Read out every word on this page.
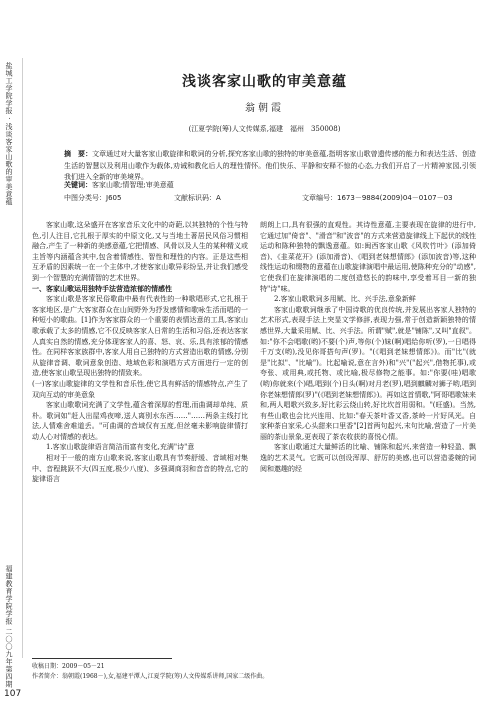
盐城工学院学报 · 浅谈客家山歌的审美意蕴
福建教育学院学报 二〇〇九年第四期
浅谈客家山歌的审美意蕴
翁朝霞
(江夏学院(筹)人文传媒系,福建　福州　350008)
摘　要：文章通过对大量客家山歌旋律和歌词的分析,探究客家山歌的独特的审美意蕴,指明客家山歌曾遗传感的能力和表达生活、创造生活的智慧以及利用山歌作为载体,劝诫和教化后人的理性情怀。他们快乐、平静和安释不惊的心态,力我们开启了一片精神家园,引领我们进入全新的审美境界。
关键词：客家山歌;情智理;审美意蕴
中图分类号：J605	文献标识码：A	文章编号：1673－9884(2009)04－0107－03

客家山歌,这朵盛开在客家音乐文化中的奇葩,以其独特的个性与特色,引人注目,它扎根于厚实的中原文化,又与当地土著居民风俗习惯相融合,产生了一种新的美感意蕴,它把情感、风骨以及人生的某种精义或主旨等内涵蕴含其中,包含着情感性、智性和理性的内容。正是这些相互矛盾的因素统一在一个主体中,才使客家山歌异彩纷呈,并让我们感受到一个智慧的充满情智的艺术世界。

一、客家山歌运用独特手法营造浓郁的情感性

客家山歌是客家民俗歌曲中最有代表性的一种歌唱形式,它扎根于客家地区,是广大客家群众在山间野外为抒发感情和歌咏生活而唱的一种短小的歌曲。[1]作为客家群众的一个重要的表情达意的工具,客家山歌承载了太多的情感,它不仅反映客家人日常的生活和习俗,还表达客家人真实自然的情感,充分体现客家人的喜、怒、哀、乐,具有浓郁的情感性。在同样客家族群中,客家人用自己独特的方式营造出歌的情感,分别从旋律音调、歌词意象创造、地域色彩和演唱方式方面进行一定的创造,使客家山歌呈现出独特的情致来。

(一)客家山歌旋律的文学性和音乐性,使它具有鲜活的情感特点,产生了双向互动的审美意象

客家山歌歌词充满了文学性,蕴含着深厚的哲理,而曲调却单纯、质朴。歌词如"赶人出屋鸡夜啼,送人离别水东西……"……两条主线打比法,人情难舍难道丢。"可曲调的音域仅有五度,但丝毫未影响旋律情打动人心对情感的表达。

1.客家山歌旋律语言简洁而富有变化,充满"诗"意

相对于一般的南方山歌来说,客家山歌具有节奏舒缓、音域相对集中、音程跳跃不大(四五度,极少八度)、多强调商羽和音音的特点,它的旋律语言

朗朗上口,具有很强的直观性。其诗性意蕴,主要表现在旋律的进行中,它通过加"倚音"、"滑音"和"波音"的方式来营造旋律线上下起伏的线性运动和陈种独特的飘逸意蕴。如:闽西客家山歌《风吹竹叶》(添加倚音)、《韭菜花开》(添加滑音)、《唱到老妹想情郎》(添加波音)等,这种线性运动和缀物的意蕴在山歌旋律演唱中最运用,使陈种充分的"动感",它使我们在旋律演唱的二度创造悠长的韵味中,享受着耳目一新的独特"诗"味。

2.客家山歌歌词多用赋、比、兴手法,意象新鲜

客家山歌歌词继承了中国诗歌的优良传统,并发展出客家人独特的艺术形式,表现手法上突显文学修辞,表现力强,常于创造新颖独特的情感世界,大量采用赋、比、兴手法。所谓"赋",就是"铺陈",又叫"直叙"。如:"你不会唱歌(哟)不要(个)声,等你(个)妹(啊)唱给你听(罗),一日唱得千万支(哟),没见你哥搭句声(罗)。"(《唱到老妹想情郎》)。而"比"(就是"比拟"、"比喻")。比起喻说,意在言外)和"兴"("起兴",借物托事),或夸张、或用典,或托物、或比喻,极尽修物之能事。如:"你要(哇)唱歌(哟)你就来(个)唱,唱到(个)日头(啊)对月老(罗),唱到麒麟对狮子哟,唱到你老妹想情郎(罗)"(《唱到老妹想情郎》)。再如这首情歌,"阿哥唱歌妹来和,两人唱歌兴致多,好比彩云绕山转,好比坎首用弱和。"(旺盛)。当然,有些山歌也会比兴连用、比如:"春天茶叶香又香,茶岭一片好风光。自家种茶自家采,心头甜来口里香"[2]首两句起兴,末句比喻,营造了一片美丽的茶山景象,更表现了茶农收获的喜悦心情。

客家山歌通过大量鲜活的比喻、铺陈和起兴,来营造一种轻盈、飘逸的艺术灵气。它既可以创设浑厚、舒厉的美感,也可以营造委婉的词阅和邀趣的经

收稿日期：2009－05－21
作者简介：翁朝霞(1968－),女,福建平潭人,江夏学院(筹)人文传媒系讲师,国家二级作曲。
107
